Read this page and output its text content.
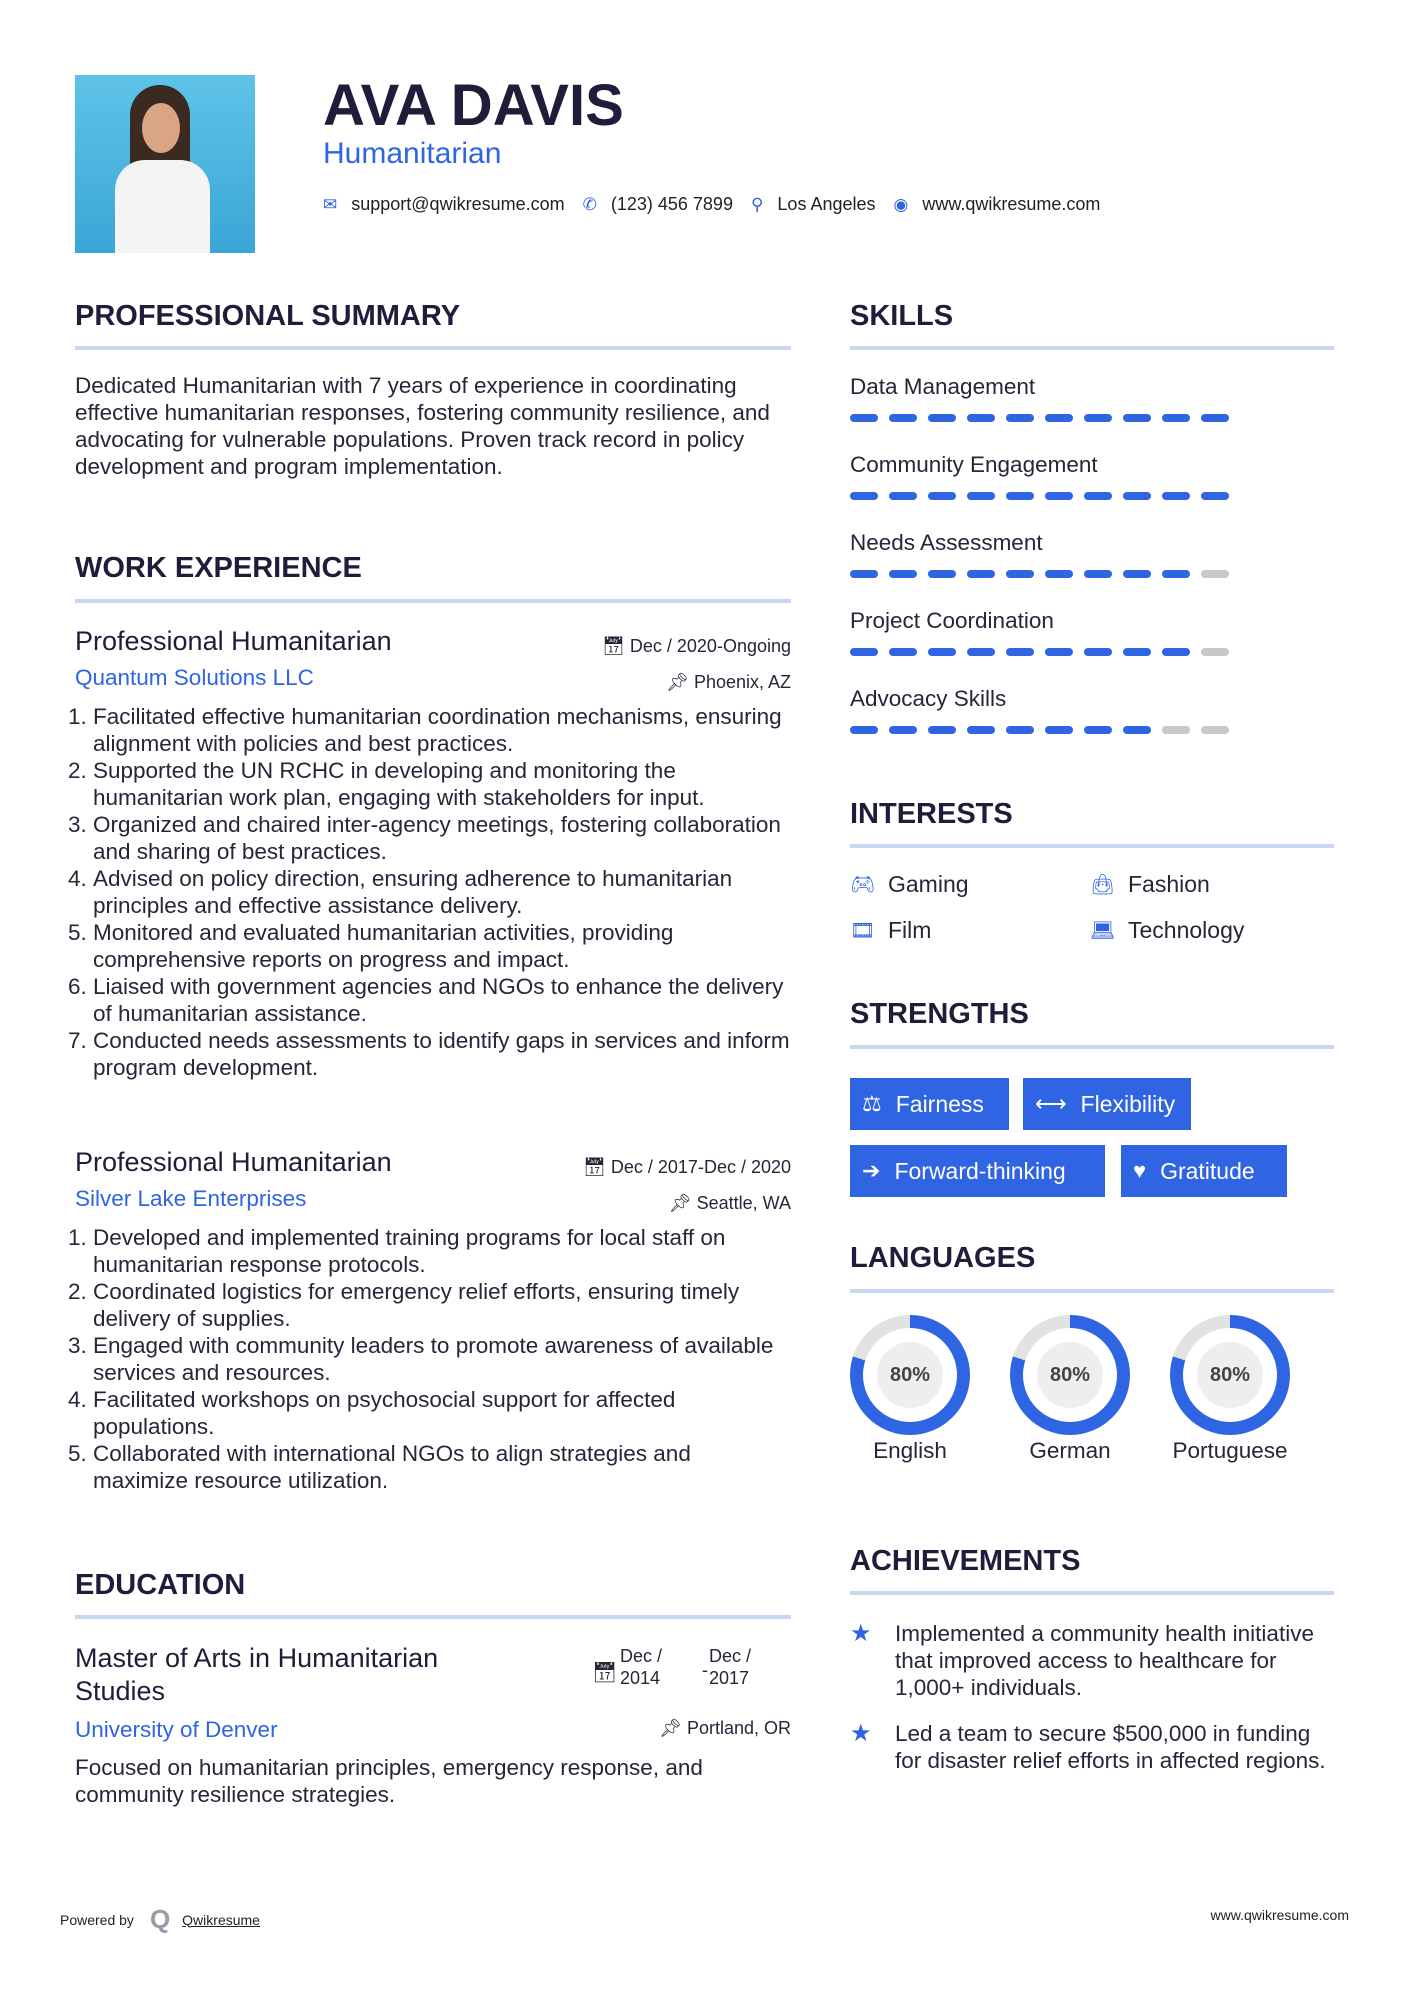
AVA DAVIS
Humanitarian
✉ support@qwikresume.com ✆ (123) 456 7899 ⚲ Los Angeles ◉ www.qwikresume.com
PROFESSIONAL SUMMARY
Dedicated Humanitarian with 7 years of experience in coordinating effective humanitarian responses, fostering community resilience, and advocating for vulnerable populations. Proven track record in policy development and program implementation.
WORK EXPERIENCE
Professional Humanitarian	📅︎ Dec / 2020-Ongoing
Quantum Solutions LLC	📌︎ Phoenix, AZ
1. Facilitated effective humanitarian coordination mechanisms, ensuring alignment with policies and best practices.
2. Supported the UN RCHC in developing and monitoring the humanitarian work plan, engaging with stakeholders for input.
3. Organized and chaired inter-agency meetings, fostering collaboration and sharing of best practices.
4. Advised on policy direction, ensuring adherence to humanitarian principles and effective assistance delivery.
5. Monitored and evaluated humanitarian activities, providing comprehensive reports on progress and impact.
6. Liaised with government agencies and NGOs to enhance the delivery of humanitarian assistance.
7. Conducted needs assessments to identify gaps in services and inform program development.
Professional Humanitarian	📅︎ Dec / 2017-Dec / 2020
Silver Lake Enterprises	📌︎ Seattle, WA
1. Developed and implemented training programs for local staff on humanitarian response protocols.
2. Coordinated logistics for emergency relief efforts, ensuring timely delivery of supplies.
3. Engaged with community leaders to promote awareness of available services and resources.
4. Facilitated workshops on psychosocial support for affected populations.
5. Collaborated with international NGOs to align strategies and maximize resource utilization.
EDUCATION
Master of Arts in Humanitarian Studies
📅︎
Dec / 2014	-
Dec / 2017
University of Denver	📌︎ Portland, OR
Focused on humanitarian principles, emergency response, and community resilience strategies.
SKILLS
Data Management
Community Engagement
Needs Assessment
Project Coordination
Advocacy Skills
INTERESTS
🎮︎ Gaming	👜︎ Fashion
🎞︎ Film	💻︎ Technology
STRENGTHS
⚖ Fairness ⟷ Flexibility
➔ Forward-thinking	♥ Gratitude
LANGUAGES
80%
English
80%
German
80%
Portuguese
ACHIEVEMENTS
★	Implemented a community health initiative that improved access to healthcare for 1,000+ individuals.
★	Led a team to secure $500,000 in funding for disaster relief efforts in affected regions.
Powered by Q Qwikresume	www.qwikresume.com
